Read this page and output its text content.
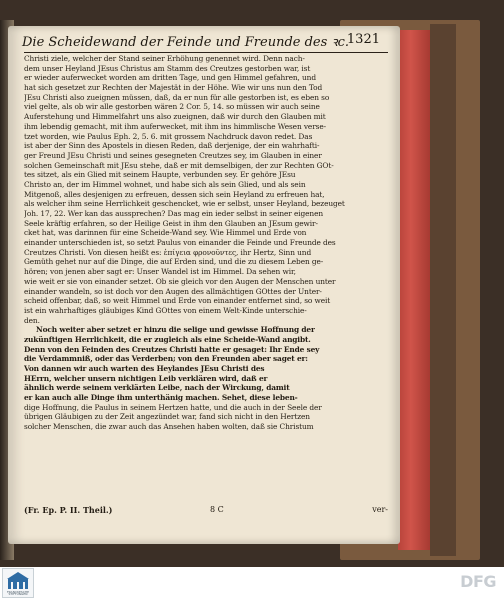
Die Scheidewand der Feinde und Freunde des ꝛc.
1321
Christi ziele, welcher der Stand seiner Erhöhung genennet wird. Denn nach-
dem unser Heyland JEsus Christus am Stamm des Creutzes gestorben war, ist
er wieder auferwecket worden am dritten Tage, und gen Himmel gefahren, und
hat sich gesetzet zur Rechten der Majestät in der Höhe. Wie wir uns nun den Tod
JEsu Christi also zueignen müssen, daß, da er nun für alle gestorben ist, es eben so
viel gelte, als ob wir alle gestorben wären 2 Cor. 5, 14. so müssen wir auch seine
Auferstehung und Himmelfahrt uns also zueignen, daß wir durch den Glauben mit
ihm lebendig gemacht, mit ihm auferwecket, mit ihm ins himmlische Wesen verse-
tzet worden, wie Paulus Eph. 2, 5. 6. mit grossem Nachdruck davon redet. Das
ist aber der Sinn des Apostels in diesen Reden, daß derjenige, der ein wahrhafti-
ger Freund JEsu Christi und seines gesegneten Creutzes sey, im Glauben in einer
solchen Gemeinschaft mit JEsu stehe, daß er mit demselbigen, der zur Rechten GOt-
tes sitzet, als ein Glied mit seinem Haupte, verbunden sey. Er gehöre JEsu
Christo an, der im Himmel wohnet, und habe sich als sein Glied, und als sein
Mitgenoß, alles desjenigen zu erfreuen, dessen sich sein Heyland zu erfreuen hat,
als welcher ihm seine Herrlichkeit geschencket, wie er selbst, unser Heyland, bezeuget
Joh. 17, 22. Wer kan das aussprechen? Das mag ein ieder selbst in seiner eigenen
Seele kräftig erfahren, so der Heilige Geist in ihm den Glauben an JEsum gewir-
cket hat, was darinnen für eine Scheide-Wand sey. Wie Himmel und Erde von
einander unterschieden ist, so setzt Paulus von einander die Feinde und Freunde des
Creutzes Christi. Von diesen heißt es: ἐπίγεια φρονοῦντες, ihr Hertz, Sinn und
Gemüth gehet nur auf die Dinge, die auf Erden sind, und die zu diesem Leben ge-
hören; von jenen aber sagt er: Unser Wandel ist im Himmel. Da sehen wir,
wie weit er sie von einander setzet. Ob sie gleich vor den Augen der Menschen unter
einander wandeln, so ist doch vor den Augen des allmächtigen GOttes der Unter-
scheid offenbar, daß, so weit Himmel und Erde von einander entfernet sind, so weit
ist ein wahrhaftiges gläubiges Kind GOttes von einem Welt-Kinde unterschie-
den.
Noch weiter aber setzet er hinzu die selige und gewisse Hoffnung der
zukünftigen Herrlichkeit, die er zugleich als eine Scheide-Wand angibt.
Denn von den Feinden des Creutzes Christi hatte er gesaget: Ihr Ende sey
die Verdammniß, oder das Verderben; von den Freunden aber saget er:
Von dannen wir auch warten des Heylandes JEsu Christi des
HErrn, welcher unsern nichtigen Leib verklären wird, daß er
ähnlich werde seinem verklärten Leibe, nach der Wirckung, damit
er kan auch alle Dinge ihm unterthänig machen. Sehet, diese leben-
dige Hoffnung, die Paulus in seinem Hertzen hatte, und die auch in der Seele der
übrigen Gläubigen zu der Zeit angezündet war, fand sich nicht in den Hertzen
solcher Menschen, die zwar auch das Ansehen haben wolten, daß sie Christum
(Fr. Ep. P. II. Theil.)	8 C	ver-
FRANCKESCHE STIFTUNGEN
DFG
